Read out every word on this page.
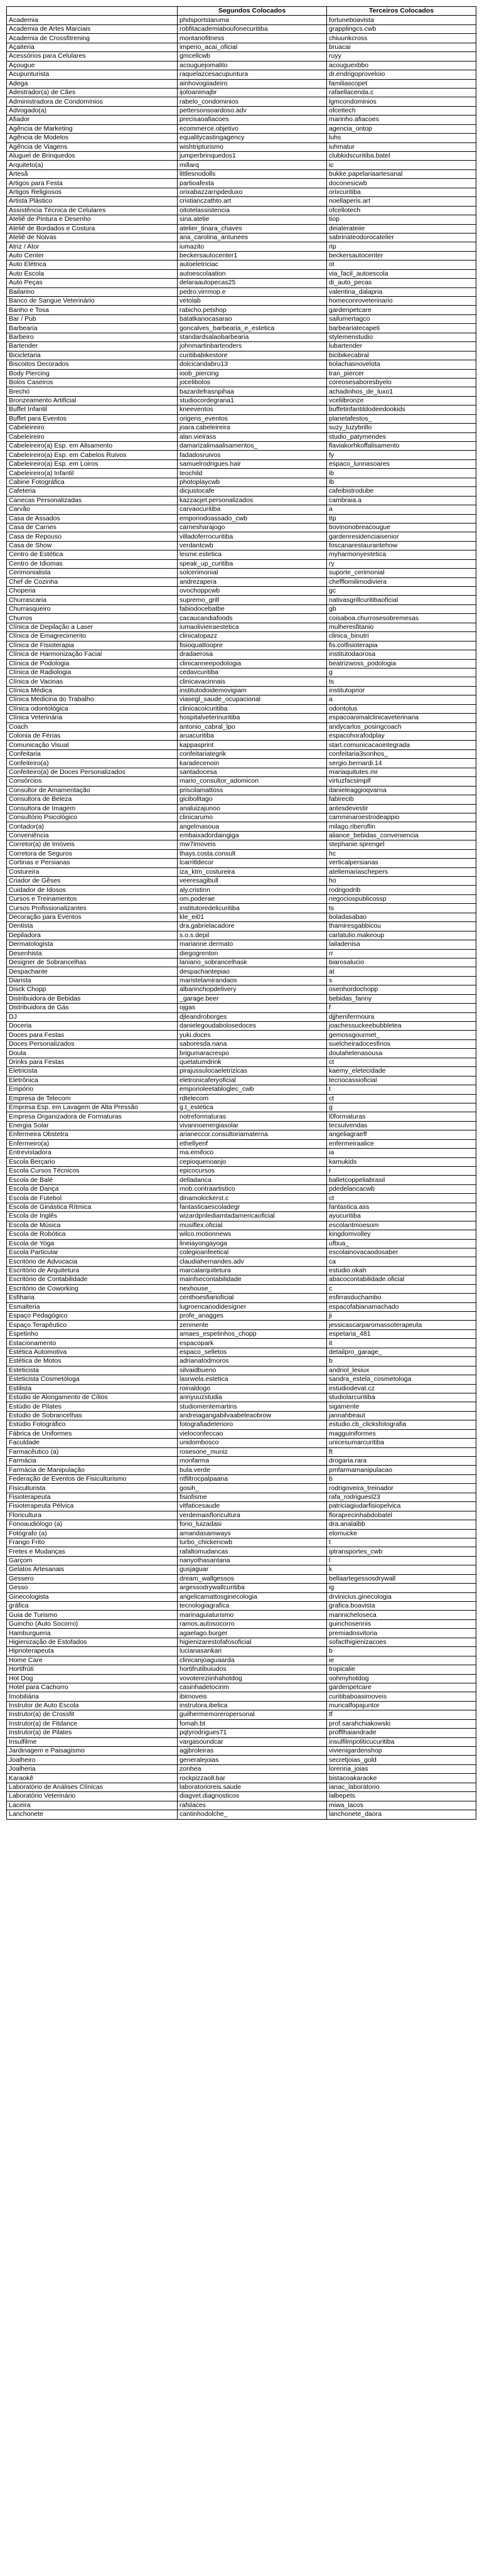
	Segundos Colocados	Terceiros Colocados
Academia	phdsportstaruma	fortuneboavista
Academia de Artes Marciais	robfitacademiaboufonecuritiba	grapplingcs.cwb
Academia de Crossfitrening	montanofitness	chiuunkcross
Açaiteria	imperio_acai_oficial	bruacai
Acessórios para Celulares	gmcellcwb	ruyy
Açougue	acouguejomalito	acouguexbbo
Acupunturista	raquelazcesacupuntura	dr.endrigoproveloio
Adega	ainhovogiiadeiro	familiascopet
Adestrador(a) de Cães	ijotoanimajbr	rafaellacenda.c
Administradora de Condomínios	rabelo_condominios	lgmcondominios
Advogado(a)	pettersonsoardoso.adv	ofcettech
Afiador	precisaoafiacoes	marinho.afiacoes
Agência de Marketing	ecommerce.objetivo	agencia_ontop
Agência de Modelos	equalitycastingagency	luhs
Agência de Viagens	wishtripturismo	iuhmatur
Aluguel de Brinquedos	jumperbrinquedos1	clubkidscuritiba.batel
Arquiteto(a)	millarq	ic
Artesã	littlesnodolls	bukke.papelariaartesanal
Artigos para Festa	partioafesta	doconesicwb
Artigos Religiosos	orixabazzarnpdeduxo	orixcuritiba
Artista Plástico	cristianczathto.art	noellaperis.art
Assistência Técnica de Celulares	oitotelassistencia	ofcellotech
Ateliê de Pintura e Desenho	sina.atelie	tiop
Ateliê de Bordados e Costura	atelier_tinara_chaves	deiaterateiie
Ateliê de Noivas	ana_carolina_antunees	sabrinateodorocatelier
Atriz / Ator	iumazito	rlp
Auto Center	beckersautocenter1	beckersautocenter
Auto Elétrica	autoeletriciac	ot
Auto Escola	autoescolaation	via_facil_autoescola
Auto Peças	delaraautopecas25	di_auto_pecas
Bailarino	pedro.virrmop.e	valentina_dalapria
Banco de Sangue Veterinário	vetolab	homeconroveterinario
Banho e Tosa	rabicho.petshop	gardenpetcare
Bar / Pub	batatkanocasarao	sailumertagco
Barbearia	goncalves_barbearia_e_estetica	barbeariatecapeti
Barbeiro	standardsalaobarbearia	stylemenstudio
Bartender	johnmartinbartenders	lubartender
Bicicletaria	curitibabikestore	bicibikecabral
Biscoitos Decorados	dolcicandabru13	bolachasnovelota
Body Piercing	ioob_piercing	tran_piercer
Bolos Caseiros	jocelibolos	coreosesaboresbyelo
Brechó	bazardefrasnpihaa	achadinhos_de_luxo1
Bronzeamento Artificial	studiocordegrana1	vcelilbronze
Buffet Infantil	kneeventos	buffetinfantildodeedookids
Buffet para Eventos	origens_eventos	planetafestos_
Cabeleireiro	joara.cabeleireira	suzy_luzybrillo
Cabeleireiro	alan.vieirass	studio_patymendes
Cabeleireiro(a) Esp. em Alisamento	damarizalimaalisamentos_	flaviakorhkoffalisamento
Cabeleireiro(a) Esp. em Cabelos Ruivos	fadadosruivos	fy
Cabeleireiro(a) Esp. em Loiros	samuelrodrigues.hair	espaco_lunnasoares
Cabeleireiro(a) Infantil	teochild	ib
Cabine Fotográfica	photoplaycwb	lb
Cafeteria	dicjustocafe	cafeibistrodube
Canecas Personalizadas	kazzacjet.personalizados	cambraia.a
Carvão	carvaocuritiba	a
Casa de Assados	emporiodoassado_cwb	ttp
Casa de Carnes	carnesharajogo	bovinonobreacougue
Casa de Repouso	villadoferrocuritiba	gardenresidenciaisenior
Casa de Show	verdantcwb	foscanarestaurantehow
Centro de Estética	lesme.estetica	myharmonyestetica
Centro de Idiomas	speak_up_curitiba	ry
Cerimonialista	solcerimonial	suporte_cerimonial
Chef de Cozinha	andrezapera	chefflomilimodiviera
Choperia	ovochoppcwb	gc
Churrascaria	supremo_grill	nativasgrillcuritibaoficial
Churrasqueiro	fabiodocebatbe	gb
Churros	cacaucandiafoods	coisaboa.churrosesobremesas
Clínica de Depilação a Laser	iumaolivieiraestetica	mulheresfitanio
Clínica de Emagrecimento	clinicatopazz	clinica_binutri
Clínica de Fisioterapia	fisioquattoopre	fis.colfisioterapia
Clínica de Harmonização Facial	dradaerosa	institutodaorosa
Clínica de Podologia	clinicanneepodologia	beatrizwoss_podologia
Clínica de Radiologia	cedavcuritiba	g
Clínica de Vacinas	clinicavacinnais	ts
Clínica Médica	institutodoidemovigiam	institutoprior
Clínica Medicina do Trabalho	viasegl_saude_ocupacional	a
Clínica odontológica	clinicacoicuritiba	odontolus
Clínica Veterinária	hospitalveterinuritiba	espacoanimalclinicaveterinaria
Coach	antonio_cabral_lpo	andycarlos_posingcoach
Colonia de Férias	aruacuritiba	espacohorafodplay
Comunicação Visual	kappasprint	start.comunicacaointegrada
Confeitaria	confeitariategrik	confeitaria3sonhos_
Confeiteiro(a)	karadecenoin	sergio.bernardi.14
Confeiteiro(a) de Doces Personalizados	santadocesa	mariaquitutes.mr
Consórcios	mario_consultor_adomicon	virtuzfacsimplf
Consultor de Amamentação	priscilamattoss	danieleaggioqvarna
Consultora de Beleza	gicibolltago	fabirecib
Consultora de Imagem	analuizajunoo	antesdevestir
Consultório Psicológico	clinicarumo	camminaroestrodeappio
Contador(a)	angelmasoua	milago.riberoflin
Conveniência	embaixadordaingiga	aliance_bebidas_conveniencia
Corretor(a) de Imóveis	mw7imoveis	stephanie.sprengel
Corretora de Seguros	thays.costa.consult	hc
Cortinas e Persianas	lcarritldecor	verticalpersianas
Costureira	iza_ktm_costureira	ateliemariaschepers
Criador de Gêses	veeresagibull	ho
Cuidador de Idosos	aly.cristinn	rodrigodrib
Cursos e Treinamentos	om.poderae	negociospublicossp
Cursos Profissionalizantes	institutoredelicuritiba	ts
Decoração para Eventos	kle_ei01	boladasabao
Dentista	dra.gabrielacadore	thamiresgabbicou
Depiladora	s.o.s.depil	carlatulio.makeoup
Dermatologista	marianne.dermato	lailadenisa
Desenhista	diegogrenton	rr
Designer de Sobrancelhas	laniano_sobrancelhask	biarosalucio
Despachante	despachantepiao	at
Diarista	maristelamirandaos	s
Disck Chopp	albarinchopdelivery	osenhordochopp
Distribuidora de Bebidas	_garage.beer	bebidas_fanny
Distribuidora de Gás	ojgas	f
DJ	djleandroborges	djjhenifermoura
Doceria	danielegoudabolosedoces	joachessuckeebubbletea
Doces para Festas	yuki.doces	gemossgourmet_
Doces Personalizados	saboresda.nana	suelcheiradocesfinos
Doula	brigumaracrespo	doulahelenasousa
Drinks para Festas	quetatumdrink	ct
Eletricista	pirajussulocaeletrizicas	kaemy_eletecidade
Eletrônica	eletronicaferyoficial	tecnocassioficial
Empório	emporioleetabloglec_cwb	t
Empresa de Telecom	rdtelecom	ct
Empresa Esp. em Lavagem de Alta Pressão	g.t_estetica	g
Empresa Organizadora de Formaturas	notreformaturas	l0formaturas
Energia Solar	vivannoenergiasolar	tecsulvendas
Enfermeira Obstetra	arianeccor.consultoriamaterna	angeliagraeff
Enfermeiro(a)	ethellyenf	enfermeiraalice
Entrevistadora	ma.emifoco	ia
Escola Berçario	cepioquenoanjo	kamukids
Escola Cursos Técnicos	epicocursos	r
Escola de Balé	delladanca	balletcoppeliabrasil
Escola de Dança	mob.contraartistico	pdedelancacwb
Escola de Futebol	dinamokickerst.c	ct
Escola de Ginástica Rítmica	fantasticaescoladegr	fantastica.ass
Escola de Inglês	wizardpnlediamtadamericaoficial	ayucuritiba
Escola de Música	musiflex.oficial	escolantmoesom
Escola de Robótica	wilco.motionnews	kingdomvolley
Escola de Yoga	lineiayongayoga	ufbua_
Escola Particular	colegioanfeetical	escolainovacaodosaber
Escritório de Advocacia	claudiahernandes.adv	ca
Escritório de Arquitetura	marcalarquitetura	estudio.okah
Escritório de Contabilidade	mainfsecontabilidade	abacocontabilidade.oficial
Escritório de Coworking	nexhouse_	c
Esfiharia	centhoesfiarioficial	esfirrasduchambo
Esmalteria	lugroencanodidesigner	espacofabianamachado
Espaço Pedagógico	profe_anagges	ji
Espaço Terapêutico	zenmente	jessicascarparomassoterapeuta
Espetinho	amaes_espetinhos_chopp	espetaria_481
Estacionamento	espacopark	it
Estética Automotiva	espaco_selletos	detailpro_garage_
Estética de Motos	adrianatodmoros	b
Esteticista	silvaidbueno	andriol_lesiux
Esteticista Cosmetóloga	lasrwela.estetica	sandra_estela_cosmetologa
Estilista	roinaldogo	estudiodevat.cz
Estúdio de Alongamento de Cílios	annyuuzstudia	studiolarcuritiba
Estúdio de Pilates	studiomentemartins	sigamente
Estúdio de Sobrancelhas	andreiagangabilvaabeleaobrow	jannahbeaut
Estúdio Fotográfico	fotografiadeterioro	estudio.cb_clicksfotografia
Fábrica de Uniformes	vieloconfeccao	magguiniformes
Faculdade	unidombosco	unicesumarcuritiba
Farmacêutico (a)	rosesone_muniz	ft
Farmácia	monfarma	drogaria.rara
Farmácia de Manipulação	bula.verde	pmfarmamanipulacao
Federação de Eventos de Fisiculturismo	ntfiltrocpalpaana	b
Fisiculturista	gosih_	rodrigoveira_treinador
Fisioterapeuta	fisiofisme	rafa_rodriguesl23
Fisioterapeuta Pélvica	vitfaticesaude	patriciagiudarfisiopelvica
Floricultura	verdemaisfloricultura	floraprecinhabdobatel
Fonoaudiólogo (a)	fono_luizadasi	dra.analaibb
Fotógrafo (a)	amandasamways	elomucke
Frango Frito	turbo_chickencwb	t
Fretes e Mudanças	rafaltomudancas	iptransportes_cwb
Garçom	nanyothasantana	l
Gelatos Artesanais	gusjaguar	k
Gessero	dream_wallgessos	bellaartegessosdrywall
Gesso	argessodrywallcuritiba	ig
Ginecologista	angelicamattosginecologia	drvinicius.ginecologia
gráfica	tecnologiagrafica	grafica.boavista
Guia de Turismo	marinaguiaturismo	marinicheloseca
Guincho (Auto Socorro)	ramos.autosocorro	guinchosennis
Hamburgueria	agaelago.burger	premiadosvitoria
Higienização de Estofados	higienizarestofafosoficial	sofacthigienizacoes
Hipnoterapeuta	lucianasankari	b
Home Care	clinicanjoaguaarda	ie
Hortifrúti	hortifrutibuiudos	tropicalie
Hot Dog	vovotereziinhahotdog	oohmyhotdog
Hotel para Cachorro	casinhadetocirim	gardenpetcare
Imobiliária	ibimoveis	curitibaboasimoveis
Instrutor de Auto Escola	instrutora.ibelica	muricalfopajuntor
Instrutor(a) de Crossfit	guilhermemoreropersonal	tf
Instrutor(a) de Fitdance	fomah.bt	prof.sarahchiakowski
Instrutor(a) de Pilates	pqtyrodrigues71	profflhaiandrade
Insulfilme	vargasoundcar	insulfilmpoliticucuritiba
Jardinagem e Paisagismo	agjbroleiras	vivienigardenshop
Joalheiro	generalejoias	secretjoias_gold
Joalheria	zonhea	lorenna_joias
Karaokê	rockpizzaoll.bar	bistacoakaraoke
Laboratório de Análises Clínicas	laboratorioreis.saude	ianac_laboratorio
Laboratório Veterinário	diagvet.diagnosticos	lalbepets
Laceira	rafslaces	miwa_lacos
Lanchonete	cantinhodolche_	lanchonete_daora
